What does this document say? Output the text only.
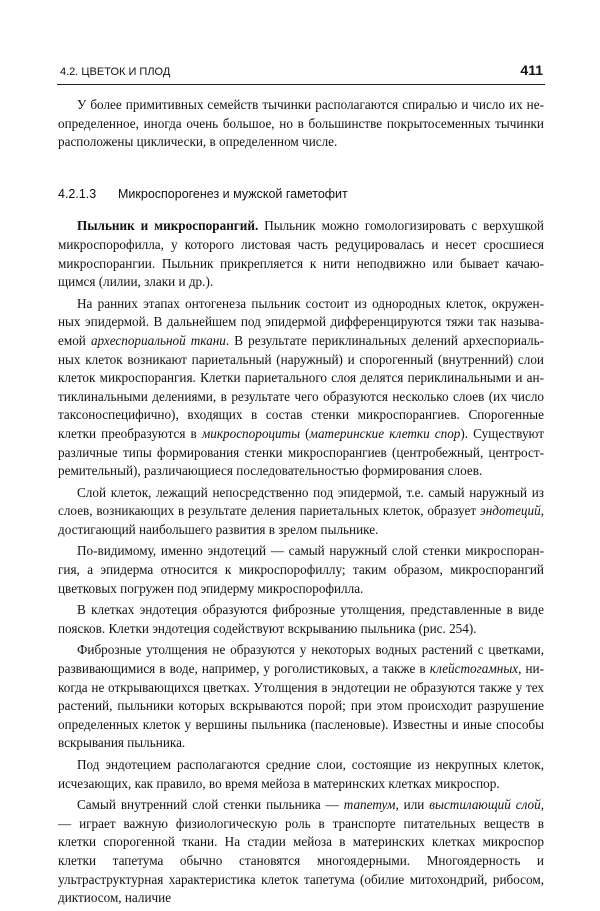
4.2. ЦВЕТОК И ПЛОД	411

У более примитивных семейств тычинки располагаются спиралью и число их неопределенное, иногда очень большое, но в большинстве покрытосеменных тычинки расположены циклически, в определенном числе.

4.2.1.3	Микроспорогенез и мужской гаметофит

Пыльник и микроспорангий. Пыльник можно гомологизировать с верхушкой микроспорофилла, у которого листовая часть редуцировалась и несет сросшиеся микроспорангии. Пыльник прикрепляется к нити неподвижно или бывает качающимся (лилии, злаки и др.).

На ранних этапах онтогенеза пыльник состоит из однородных клеток, окруженных эпидермой. В дальнейшем под эпидермой дифференцируются тяжи так называемой археспориальной ткани. В результате периклинальных делений археспориальных клеток возникают париетальный (наружный) и спорогенный (внутренний) слои клеток микроспорангия. Клетки париетального слоя делятся периклинальными и антиклинальными делениями, в результате чего образуются несколько слоев (их число таксоноспецифично), входящих в состав стенки микроспорангиев. Спорогенные клетки преобразуются в микроспороциты (материнские клетки спор). Существуют различные типы формирования стенки микроспорангиев (центробежный, центростремительный), различающиеся последовательностью формирования слоев.

Слой клеток, лежащий непосредственно под эпидермой, т.е. самый наружный из слоев, возникающих в результате деления париетальных клеток, образует эндотеций, достигающий наибольшего развития в зрелом пыльнике.

По-видимому, именно эндотеций — самый наружный слой стенки микроспорангия, а эпидерма относится к микроспорофиллу; таким образом, микроспорангий цветковых погружен под эпидерму микроспорофилла.

В клетках эндотеция образуются фиброзные утолщения, представленные в виде поясков. Клетки эндотеция содействуют вскрыванию пыльника (рис. 254).

Фиброзные утолщения не образуются у некоторых водных растений с цветками, развивающимися в воде, например, у роголистиковых, а также в клейстогамных, никогда не открывающихся цветках. Утолщения в эндотеции не образуются также у тех растений, пыльники которых вскрываются порой; при этом происходит разрушение определенных клеток у вершины пыльника (пасленовые). Известны и иные способы вскрывания пыльника.

Под эндотецием располагаются средние слои, состоящие из некрупных клеток, исчезающих, как правило, во время мейоза в материнских клетках микроспор.

Самый внутренний слой стенки пыльника — тапетум, или выстилающий слой, — играет важную физиологическую роль в транспорте питательных веществ в клетки спорогенной ткани. На стадии мейоза в материнских клетках микроспор клетки тапетума обычно становятся многоядерными. Многоядерность и ультраструктурная характеристика клеток тапетума (обилие митохондрий, рибосом, диктиосом, наличие
